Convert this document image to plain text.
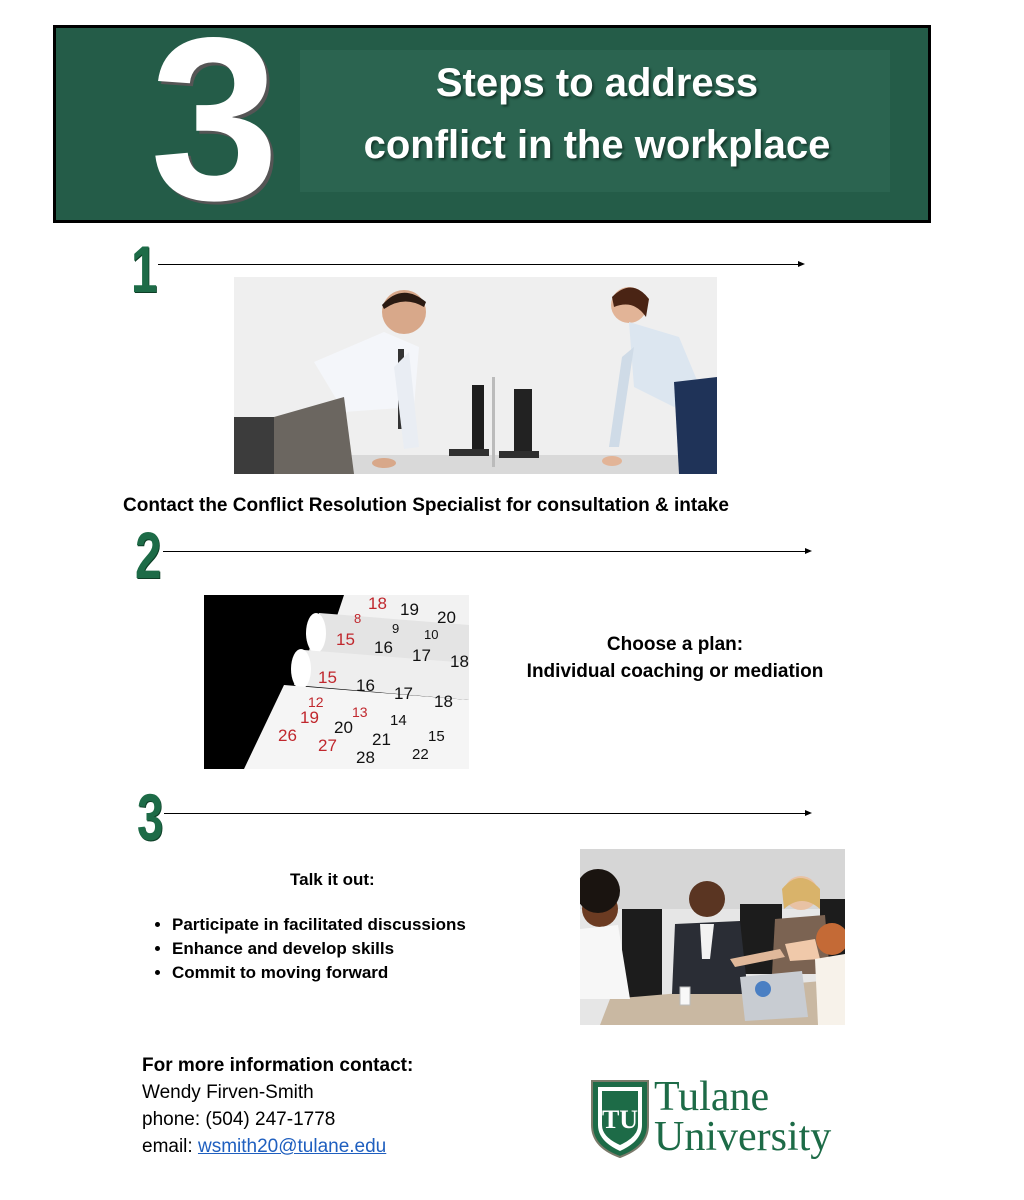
3	Steps to address
conflict in the workplace
1
Contact the Conflict Resolution Specialist for consultation & intake
2
18 19 20
8
9 10
15 16 17 18
15 16 17 18
12
13
19
20
21
14
15
26
27
28 22
Choose a plan:
Individual coaching or mediation
3
Talk it out:
• Participate in facilitated discussions
• Enhance and develop skills
• Commit to moving forward
For more information contact:
Wendy Firven-Smith
phone: (504) 247-1778
email: wsmith20@tulane.edu
TU Tulane
University
